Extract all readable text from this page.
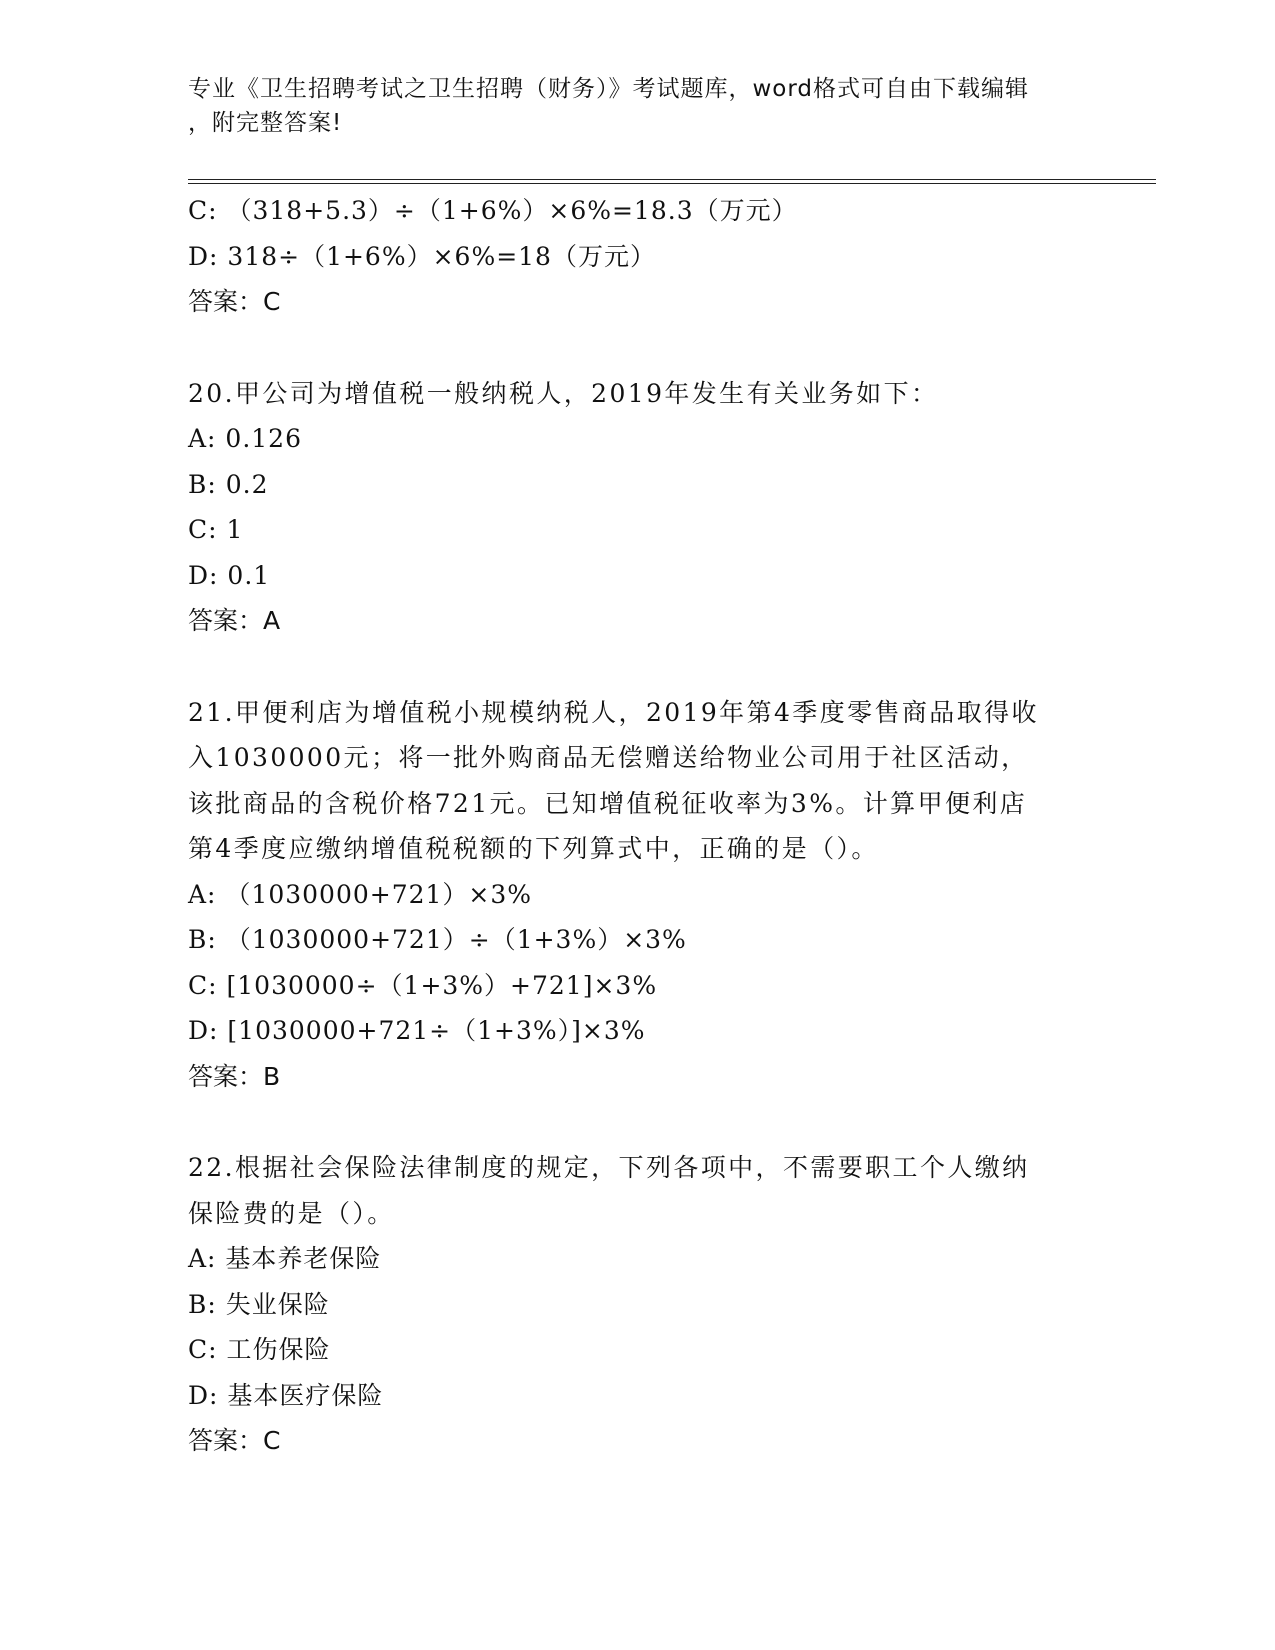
专业《卫生招聘考试之卫生招聘（财务）》考试题库，word格式可自由下载编辑
，附完整答案!
C: （318+5.3）÷（1+6%）×6%=18.3（万元）
D: 318÷（1+6%）×6%=18（万元）
答案：C
20.甲公司为增值税一般纳税人，2019年发生有关业务如下：
A: 0.126
B: 0.2
C: 1
D: 0.1
答案：A
21.甲便利店为增值税小规模纳税人，2019年第4季度零售商品取得收
入1030000元；将一批外购商品无偿赠送给物业公司用于社区活动，
该批商品的含税价格721元。已知增值税征收率为3%。计算甲便利店
第4季度应缴纳增值税税额的下列算式中，正确的是（）。
A: （1030000+721）×3%
B: （1030000+721）÷（1+3%）×3%
C: [1030000÷（1+3%）+721]×3%
D: [1030000+721÷（1+3%）]×3%
答案：B
22.根据社会保险法律制度的规定，下列各项中，不需要职工个人缴纳
保险费的是（）。
A: 基本养老保险
B: 失业保险
C: 工伤保险
D: 基本医疗保险
答案：C
